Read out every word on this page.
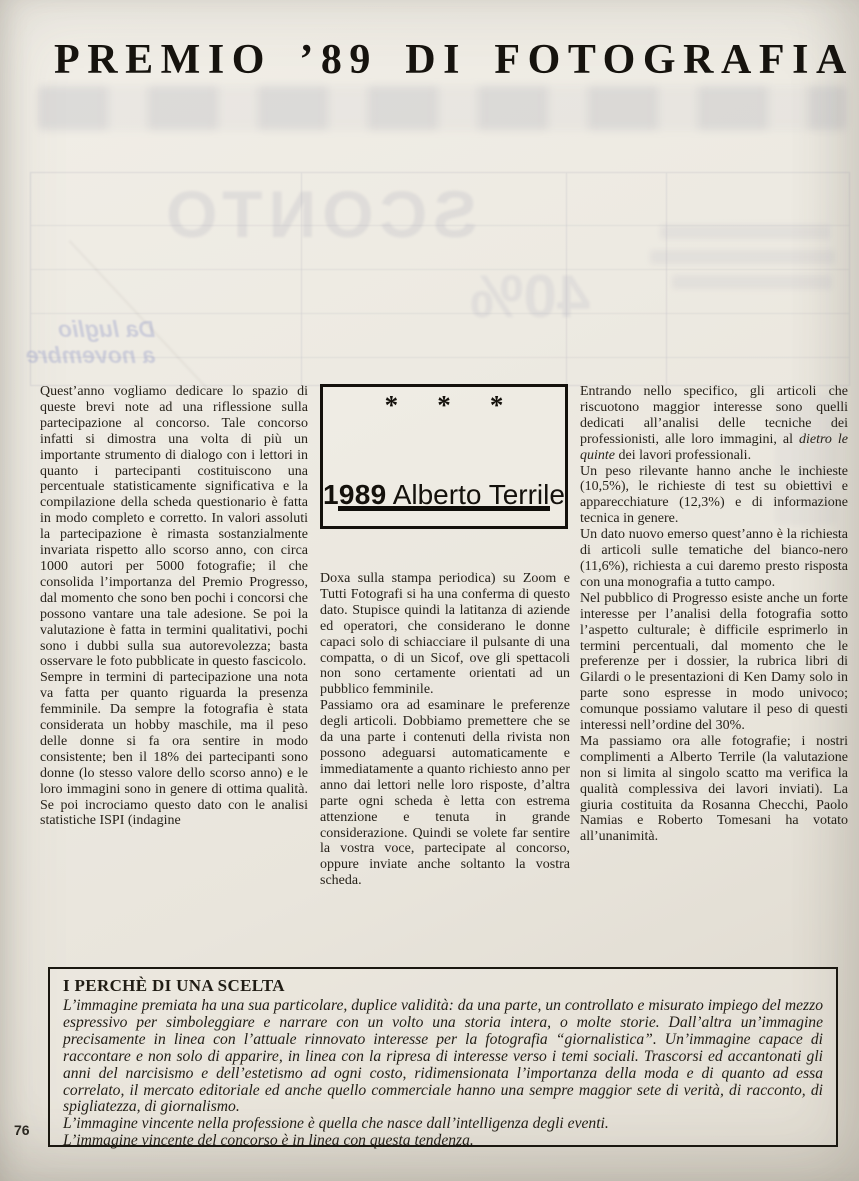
SCONTO
40%
Da luglio
a novembre
PREMIO ’89 DI FOTOGRAFIA

Quest’anno vogliamo dedicare lo spazio di queste brevi note ad una riflessione sulla partecipazione al concorso. Tale concorso infatti si dimostra una volta di più un importante strumento di dialogo con i lettori in quanto i partecipanti costituiscono una percentuale statisticamente significativa e la compilazione della scheda questionario è fatta in modo completo e corretto. In valori assoluti la partecipazione è rimasta sostanzialmente invariata rispetto allo scorso anno, con circa 1000 autori per 5000 fotografie; il che consolida l’importanza del Premio Progresso, dal momento che sono ben pochi i concorsi che possono vantare una tale adesione. Se poi la valutazione è fatta in termini qualitativi, pochi sono i dubbi sulla sua autorevolezza; basta osservare le foto pubblicate in questo fascicolo.

Sempre in termini di partecipazione una nota va fatta per quanto riguarda la presenza femminile. Da sempre la fotografia è stata considerata un hobby maschile, ma il peso delle donne si fa ora sentire in modo consistente; ben il 18% dei partecipanti sono donne (lo stesso valore dello scorso anno) e le loro immagini sono in genere di ottima qualità. Se poi incrociamo questo dato con le analisi statistiche ISPI (indagine

* * *
1989 Alberto Terrile

Doxa sulla stampa periodica) su Zoom e Tutti Fotografi si ha una conferma di questo dato. Stupisce quindi la latitanza di aziende ed operatori, che considerano le donne capaci solo di schiacciare il pulsante di una compatta, o di un Sicof, ove gli spettacoli non sono certamente orientati ad un pubblico femminile.

Passiamo ora ad esaminare le preferenze degli articoli. Dobbiamo premettere che se da una parte i contenuti della rivista non possono adeguarsi automaticamente e immediatamente a quanto richiesto anno per anno dai lettori nelle loro risposte, d’altra parte ogni scheda è letta con estrema attenzione e tenuta in grande considerazione. Quindi se volete far sentire la vostra voce, partecipate al concorso, oppure inviate anche soltanto la vostra scheda.

Entrando nello specifico, gli articoli che riscuotono maggior interesse sono quelli dedicati all’analisi delle tecniche dei professionisti, alle loro immagini, al dietro le quinte dei lavori professionali.

Un peso rilevante hanno anche le inchieste (10,5%), le richieste di test su obiettivi e apparecchiature (12,3%) e di informazione tecnica in genere.

Un dato nuovo emerso quest’anno è la richiesta di articoli sulle tematiche del bianco-nero (11,6%), richiesta a cui daremo presto risposta con una monografia a tutto campo.

Nel pubblico di Progresso esiste anche un forte interesse per l’analisi della fotografia sotto l’aspetto culturale; è difficile esprimerlo in termini percentuali, dal momento che le preferenze per i dossier, la rubrica libri di Gilardi o le presentazioni di Ken Damy solo in parte sono espresse in modo univoco; comunque possiamo valutare il peso di questi interessi nell’ordine del 30%.

Ma passiamo ora alle fotografie; i nostri complimenti a Alberto Terrile (la valutazione non si limita al singolo scatto ma verifica la qualità complessiva dei lavori inviati). La giuria costituita da Rosanna Checchi, Paolo Namias e Roberto Tomesani ha votato all’unanimità.

I PERCHÈ DI UNA SCELTA

L’immagine premiata ha una sua particolare, duplice validità: da una parte, un controllato e misurato impiego del mezzo espressivo per simboleggiare e narrare con un volto una storia intera, o molte storie. Dall’altra un’immagine precisamente in linea con l’attuale rinnovato interesse per la fotografia “giornalistica”. Un’immagine capace di raccontare e non solo di apparire, in linea con la ripresa di interesse verso i temi sociali. Trascorsi ed accantonati gli anni del narcisismo e dell’estetismo ad ogni costo, ridimensionata l’importanza della moda e di quanto ad essa correlato, il mercato editoriale ed anche quello commerciale hanno una sempre maggior sete di verità, di racconto, di spigliatezza, di giornalismo.

L’immagine vincente nella professione è quella che nasce dall’intelligenza degli eventi.

L’immagine vincente del concorso è in linea con questa tendenza.

76
